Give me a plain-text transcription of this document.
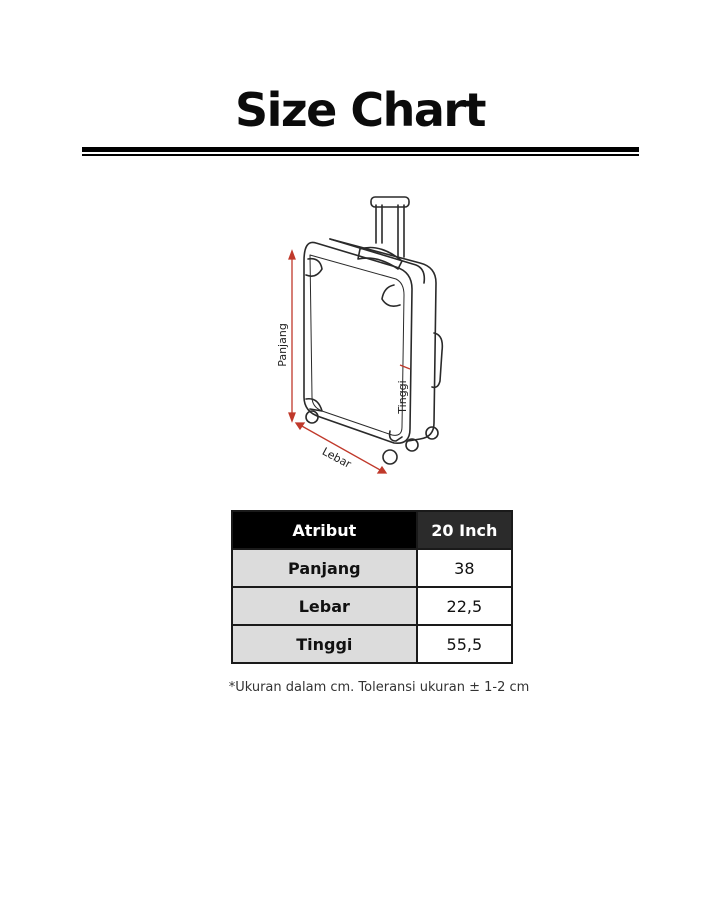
Size Chart
Panjang
Lebar
Tinggi
Atribut	20 Inch
Panjang	38
Lebar	22,5
Tinggi	55,5
*Ukuran dalam cm. Toleransi ukuran ± 1-2 cm
